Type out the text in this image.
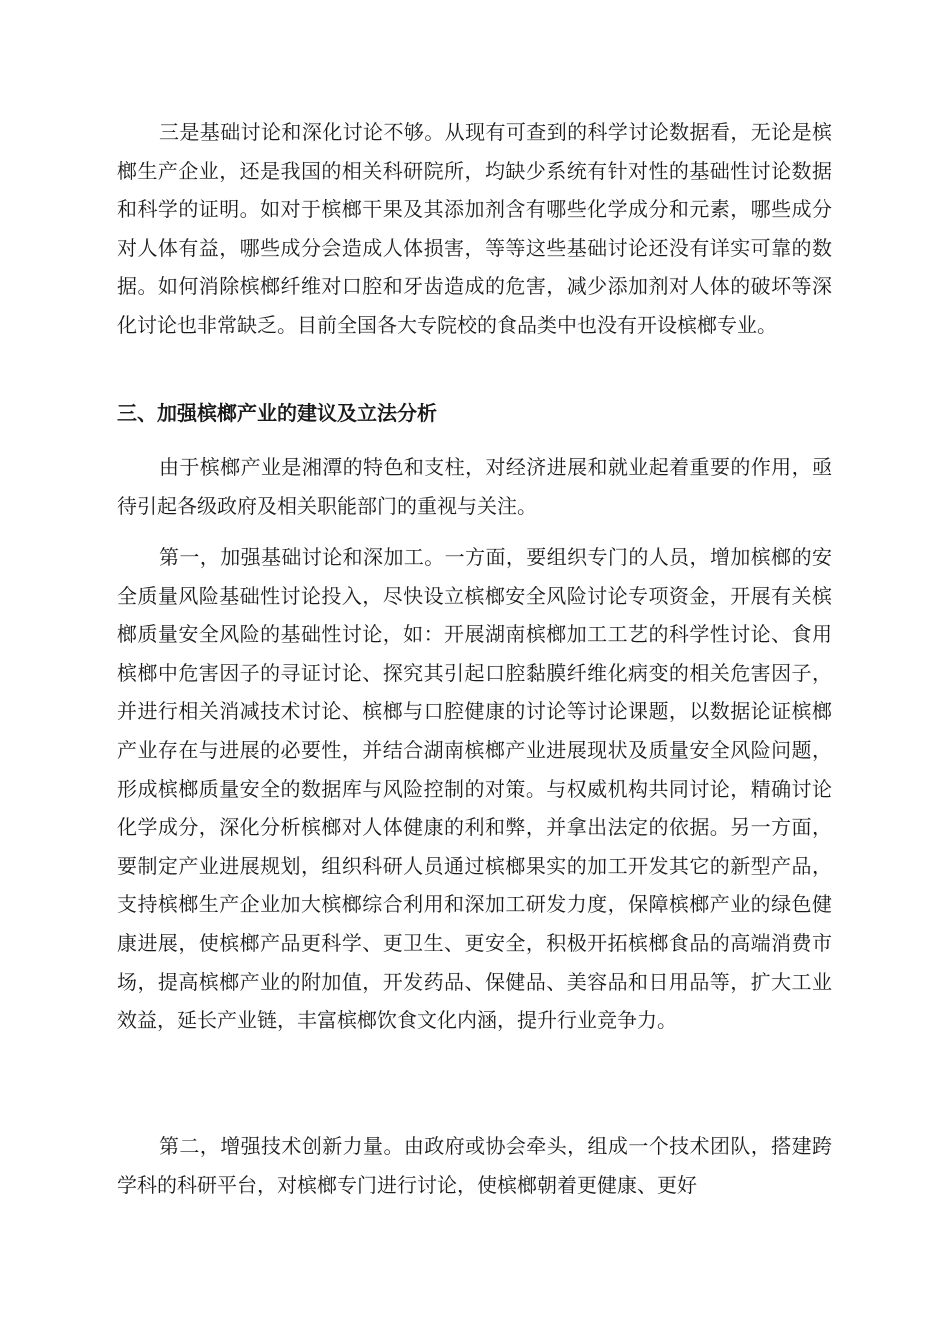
三是基础讨论和深化讨论不够。从现有可查到的科学讨论数据看，无论是槟榔生产企业，还是我国的相关科研院所，均缺少系统有针对性的基础性讨论数据和科学的证明。如对于槟榔干果及其添加剂含有哪些化学成分和元素，哪些成分对人体有益，哪些成分会造成人体损害，等等这些基础讨论还没有详实可靠的数据。如何消除槟榔纤维对口腔和牙齿造成的危害，减少添加剂对人体的破坏等深化讨论也非常缺乏。目前全国各大专院校的食品类中也没有开设槟榔专业。

三、加强槟榔产业的建议及立法分析

由于槟榔产业是湘潭的特色和支柱，对经济进展和就业起着重要的作用，亟待引起各级政府及相关职能部门的重视与关注。

第一，加强基础讨论和深加工。一方面，要组织专门的人员，增加槟榔的安全质量风险基础性讨论投入，尽快设立槟榔安全风险讨论专项资金，开展有关槟榔质量安全风险的基础性讨论，如：开展湖南槟榔加工工艺的科学性讨论、食用槟榔中危害因子的寻证讨论、探究其引起口腔黏膜纤维化病变的相关危害因子，并进行相关消减技术讨论、槟榔与口腔健康的讨论等讨论课题，以数据论证槟榔产业存在与进展的必要性，并结合湖南槟榔产业进展现状及质量安全风险问题，形成槟榔质量安全的数据库与风险控制的对策。与权威机构共同讨论，精确讨论化学成分，深化分析槟榔对人体健康的利和弊，并拿出法定的依据。另一方面，要制定产业进展规划，组织科研人员通过槟榔果实的加工开发其它的新型产品，支持槟榔生产企业加大槟榔综合利用和深加工研发力度，保障槟榔产业的绿色健康进展，使槟榔产品更科学、更卫生、更安全，积极开拓槟榔食品的高端消费市场，提高槟榔产业的附加值，开发药品、保健品、美容品和日用品等，扩大工业效益，延长产业链，丰富槟榔饮食文化内涵，提升行业竞争力。

第二，增强技术创新力量。由政府或协会牵头，组成一个技术团队，搭建跨学科的科研平台，对槟榔专门进行讨论，使槟榔朝着更健康、更好
